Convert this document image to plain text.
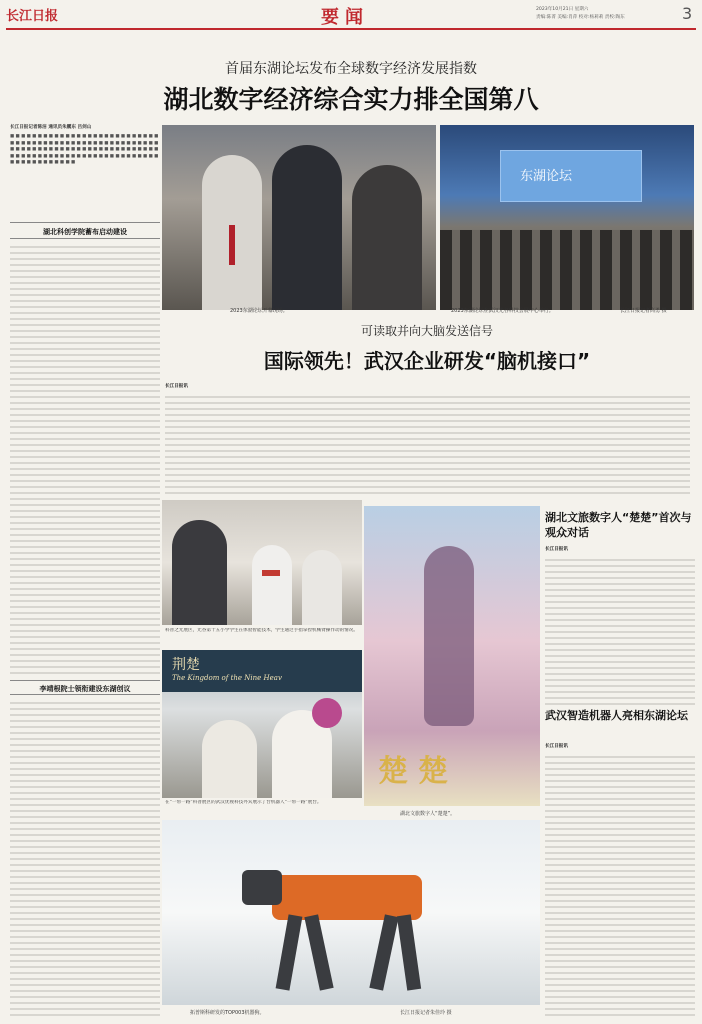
长江日报	要闻	2023年10月21日 星期六
责编:陈菁 美编:肖萍 校对:杨莉莉 责校:陶东	3
首届东湖论坛发布全球数字经济发展指数
湖北数字经济综合实力排全国第八
长江日报记者陈洁 通讯员朱鹏东 吕剑山
■ ■ ■ ■ ■ ■ ■ ■ ■ ■ ■ ■ ■ ■ ■ ■ ■ ■ ■ ■ ■ ■ ■ ■ ■ ■ ■ ■ ■ ■ ■ ■ ■ ■ ■ ■ ■ ■ ■ ■ ■ ■ ■ ■ ■ ■ ■ ■ ■ ■ ■ ■ ■ ■ ■ ■ ■ ■ ■ ■ ■ ■ ■ ■ ■ ■ ■ ■ ■ ■ ■ ■ ■ ■ ■ ■ ■ ■ ■ ■ ■ ■ ■ ■ ■ ■ ■ ■ ■ ■ ■ ■ ■ ■ ■ ■ ■ ■ ■ ■ ■ ■ ■ ■ ■ ■ ■ ■ ■ ■ ■ ■ ■ ■ ■ ■ ■ ■ ■ ■
湖北科创学院蓄布启动建设
李靖根院士领衔建设东湖创议
2023东湖论坛开幕现场。
东湖论坛
2023东湖论坛在武汉光谷科技会展中心举行。	长江日报记者高勇 摄
可读取并向大脑发送信号
国际领先！武汉企业研发“脑机接口”
长江日报讯
科普之光展区，光谷第十五小学学生在体验智能技术，学生通过手指拿捏机械臂操作动的情况。
荆楚
The Kingdom of the Nine Heav
在“一带一路”科普展区的武汉优视科技外宾展示了台机器人“一带一路”展台。
楚楚
湖北文旅数字人“楚楚”。
湖北文旅数字人“楚楚”首次与观众对话
长江日报讯
武汉智造机器人亮相东湖论坛
长江日报讯
拓普斯科研发的TOP003机器狗。	长江日报记者朱佳玲 摄
